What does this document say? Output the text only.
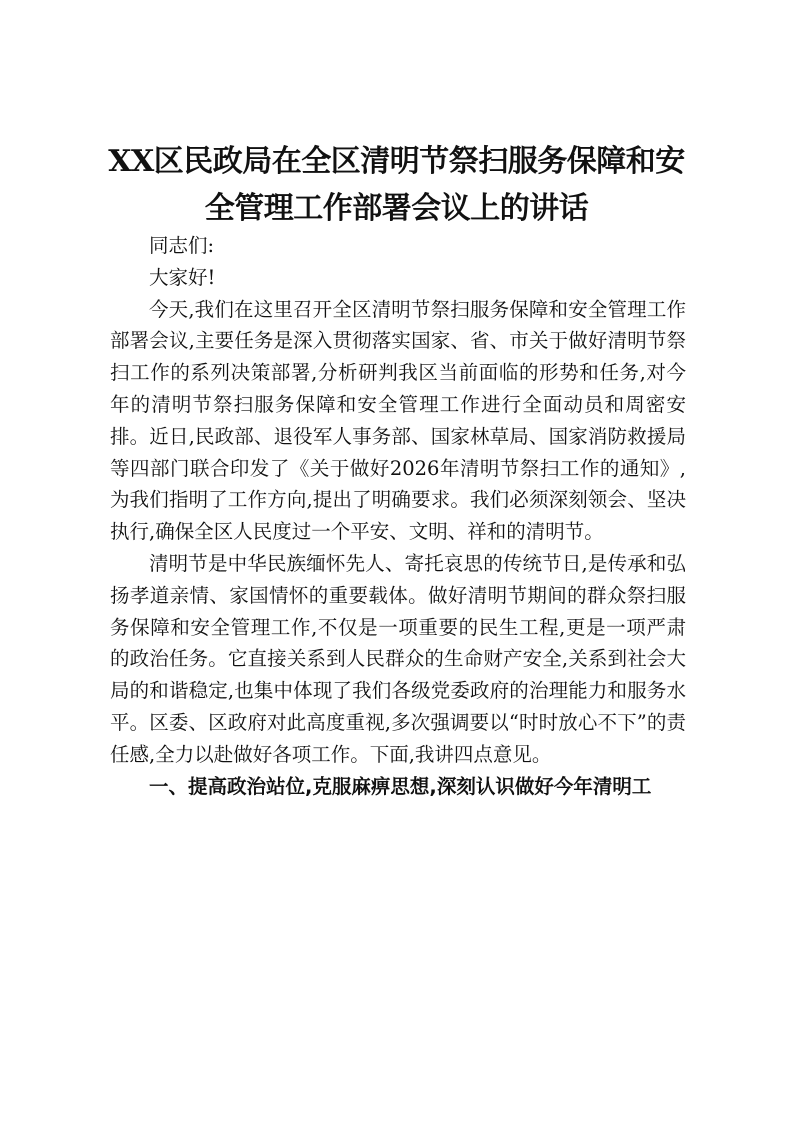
XX区民政局在全区清明节祭扫服务保障和安全管理工作部署会议上的讲话

同志们:

大家好!

今天,我们在这里召开全区清明节祭扫服务保障和安全管理工作部署会议,主要任务是深入贯彻落实国家、省、市关于做好清明节祭扫工作的系列决策部署,分析研判我区当前面临的形势和任务,对今年的清明节祭扫服务保障和安全管理工作进行全面动员和周密安排。近日,民政部、退役军人事务部、国家林草局、国家消防救援局等四部门联合印发了《关于做好2026年清明节祭扫工作的通知》,为我们指明了工作方向,提出了明确要求。我们必须深刻领会、坚决执行,确保全区人民度过一个平安、文明、祥和的清明节。

清明节是中华民族缅怀先人、寄托哀思的传统节日,是传承和弘扬孝道亲情、家国情怀的重要载体。做好清明节期间的群众祭扫服务保障和安全管理工作,不仅是一项重要的民生工程,更是一项严肃的政治任务。它直接关系到人民群众的生命财产安全,关系到社会大局的和谐稳定,也集中体现了我们各级党委政府的治理能力和服务水平。区委、区政府对此高度重视,多次强调要以“时时放心不下”的责任感,全力以赴做好各项工作。下面,我讲四点意见。

一、提高政治站位,克服麻痹思想,深刻认识做好今年清明工
